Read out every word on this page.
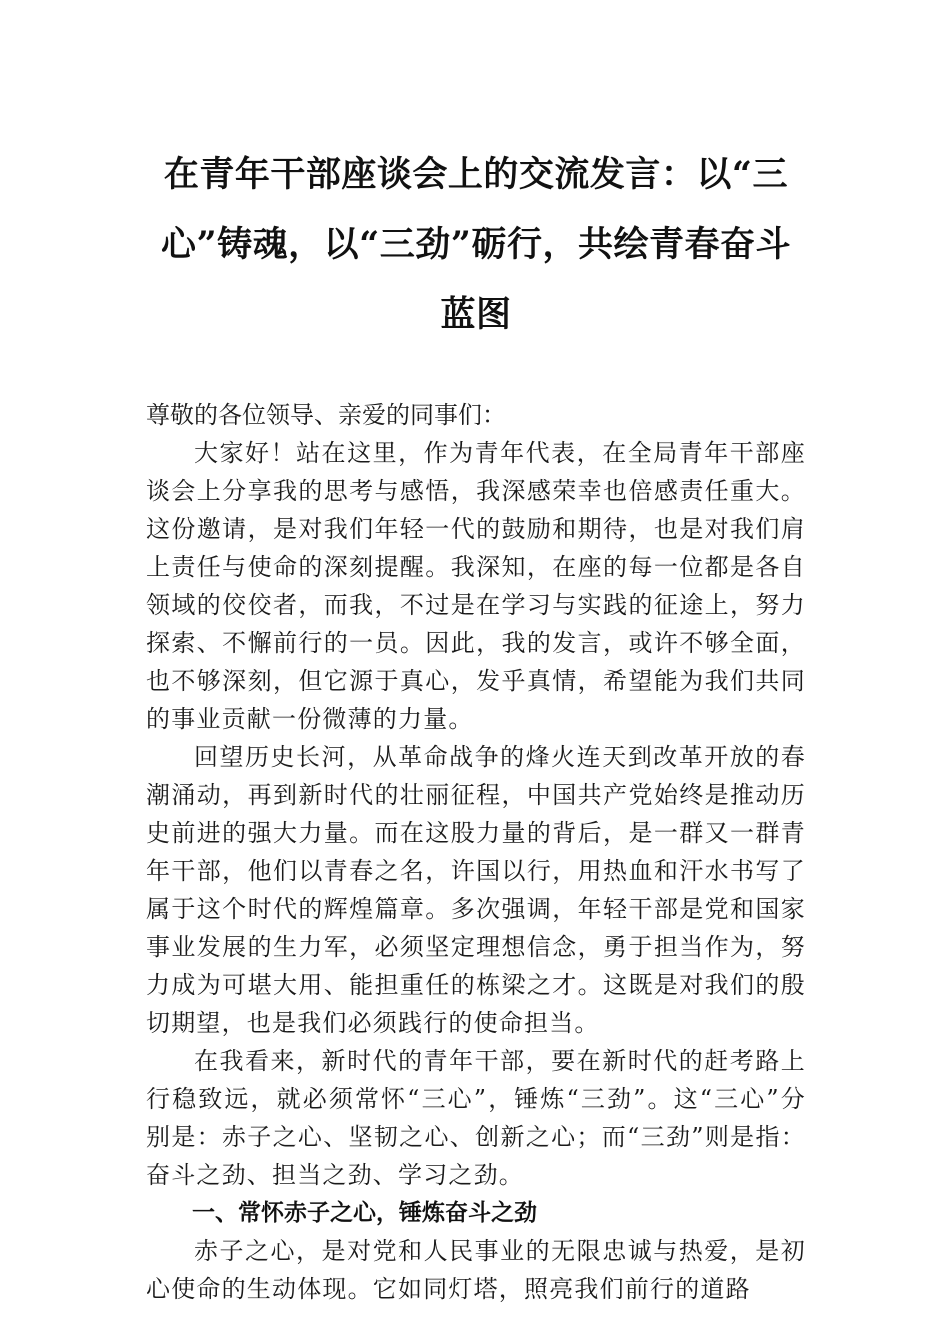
在青年干部座谈会上的交流发言：以“三心”铸魂，以“三劲”砺行，共绘青春奋斗蓝图

尊敬的各位领导、亲爱的同事们：

大家好！站在这里，作为青年代表，在全局青年干部座谈会上分享我的思考与感悟，我深感荣幸也倍感责任重大。这份邀请，是对我们年轻一代的鼓励和期待，也是对我们肩上责任与使命的深刻提醒。我深知，在座的每一位都是各自领域的佼佼者，而我，不过是在学习与实践的征途上，努力探索、不懈前行的一员。因此，我的发言，或许不够全面，也不够深刻，但它源于真心，发乎真情，希望能为我们共同的事业贡献一份微薄的力量。

回望历史长河，从革命战争的烽火连天到改革开放的春潮涌动，再到新时代的壮丽征程，中国共产党始终是推动历史前进的强大力量。而在这股力量的背后，是一群又一群青年干部，他们以青春之名，许国以行，用热血和汗水书写了属于这个时代的辉煌篇章。多次强调，年轻干部是党和国家事业发展的生力军，必须坚定理想信念，勇于担当作为，努力成为可堪大用、能担重任的栋梁之才。这既是对我们的殷切期望，也是我们必须践行的使命担当。

在我看来，新时代的青年干部，要在新时代的赶考路上行稳致远，就必须常怀“三心”，锤炼“三劲”。这“三心”分别是：赤子之心、坚韧之心、创新之心；而“三劲”则是指：奋斗之劲、担当之劲、学习之劲。

一、常怀赤子之心，锤炼奋斗之劲

赤子之心，是对党和人民事业的无限忠诚与热爱，是初心使命的生动体现。它如同灯塔，照亮我们前行的道路
